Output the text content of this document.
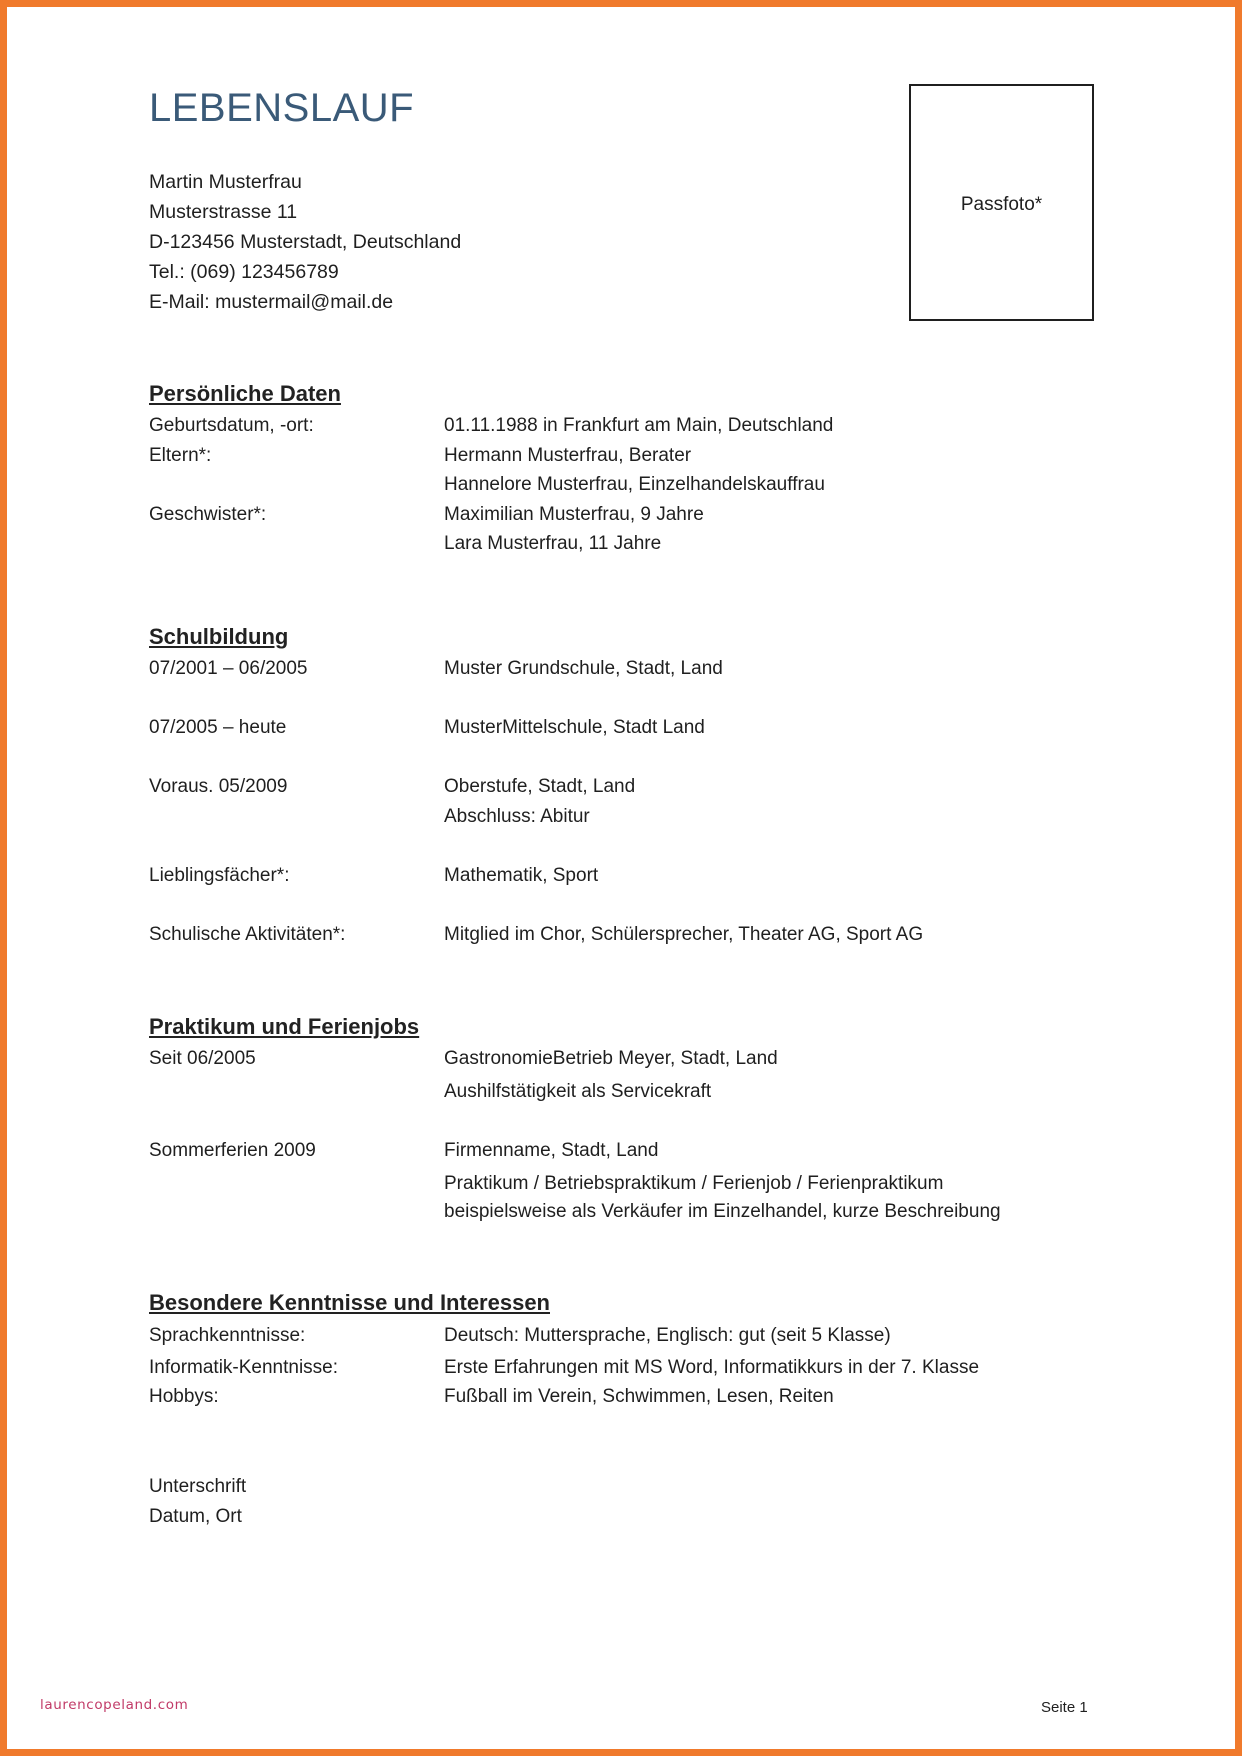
LEBENSLAUF
Martin Musterfrau
Musterstrasse 11
D-123456 Musterstadt, Deutschland
Tel.: (069) 123456789
E-Mail: mustermail@mail.de
Passfoto*
Persönliche Daten
Geburtsdatum, -ort:	01.11.1988 in Frankfurt am Main, Deutschland
Eltern*:	Hermann Musterfrau, Berater
Hannelore Musterfrau, Einzelhandelskauffrau
Geschwister*:	Maximilian Musterfrau, 9 Jahre
Lara Musterfrau, 11 Jahre
Schulbildung
07/2001 – 06/2005	Muster Grundschule, Stadt, Land
07/2005 – heute	MusterMittelschule, Stadt Land
Voraus. 05/2009	Oberstufe, Stadt, Land
Abschluss: Abitur
Lieblingsfächer*:	Mathematik, Sport
Schulische Aktivitäten*:	Mitglied im Chor, Schülersprecher, Theater AG, Sport AG
Praktikum und Ferienjobs
Seit 06/2005	GastronomieBetrieb Meyer, Stadt, Land
Aushilfstätigkeit als Servicekraft
Sommerferien 2009	Firmenname, Stadt, Land
Praktikum / Betriebspraktikum / Ferienjob / Ferienpraktikum
beispielsweise als Verkäufer im Einzelhandel, kurze Beschreibung
Besondere Kenntnisse und Interessen
Sprachkenntnisse:	Deutsch: Muttersprache, Englisch: gut (seit 5 Klasse)
Informatik-Kenntnisse:	Erste Erfahrungen mit MS Word, Informatikkurs in der 7. Klasse
Hobbys:	Fußball im Verein, Schwimmen, Lesen, Reiten
Unterschrift
Datum, Ort
laurencopeland.com	Seite 1
